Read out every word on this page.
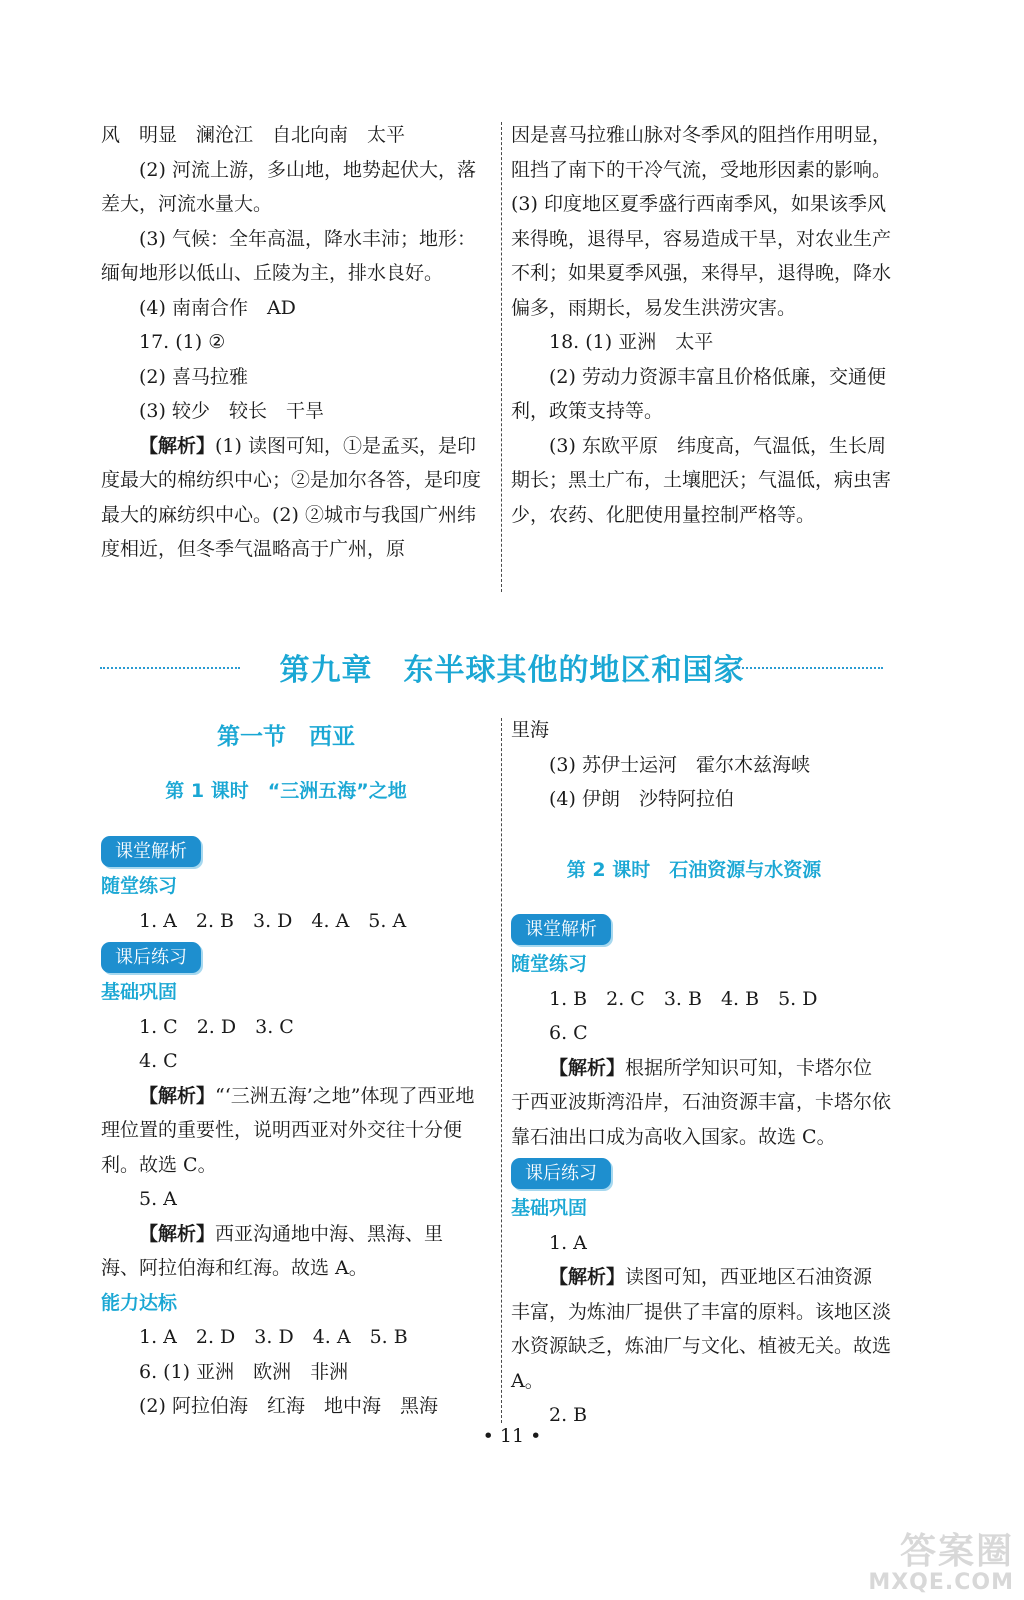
风　明显　澜沧江　自北向南　太平

(2) 河流上游，多山地，地势起伏大，落差大，河流水量大。

(3) 气候：全年高温，降水丰沛；地形：缅甸地形以低山、丘陵为主，排水良好。

(4) 南南合作　AD

17. (1) ②

(2) 喜马拉雅

(3) 较少　较长　干旱

【解析】(1) 读图可知，①是孟买，是印度最大的棉纺织中心；②是加尔各答，是印度最大的麻纺织中心。(2) ②城市与我国广州纬度相近，但冬季气温略高于广州，原

因是喜马拉雅山脉对冬季风的阻挡作用明显，阻挡了南下的干冷气流，受地形因素的影响。(3) 印度地区夏季盛行西南季风，如果该季风来得晚，退得早，容易造成干旱，对农业生产不利；如果夏季风强，来得早，退得晚，降水偏多，雨期长，易发生洪涝灾害。

18. (1) 亚洲　太平

(2) 劳动力资源丰富且价格低廉，交通便利，政策支持等。

(3) 东欧平原　纬度高，气温低，生长周期长；黑土广布，土壤肥沃；气温低，病虫害少，农药、化肥使用量控制严格等。

第九章　东半球其他的地区和国家
第一节　西亚
第 1 课时　“三洲五海”之地
课堂解析
随堂练习

1. A　2. B　3. D　4. A　5. A

课后练习
基础巩固

1. C　2. D　3. C

4. C

【解析】“‘三洲五海’之地”体现了西亚地理位置的重要性，说明西亚对外交往十分便利。故选 C。

5. A

【解析】西亚沟通地中海、黑海、里海、阿拉伯海和红海。故选 A。

能力达标

1. A　2. D　3. D　4. A　5. B

6. (1) 亚洲　欧洲　非洲

(2) 阿拉伯海　红海　地中海　黑海

里海

(3) 苏伊士运河　霍尔木兹海峡

(4) 伊朗　沙特阿拉伯

第 2 课时　石油资源与水资源
课堂解析
随堂练习

1. B　2. C　3. B　4. B　5. D

6. C

【解析】根据所学知识可知，卡塔尔位于西亚波斯湾沿岸，石油资源丰富，卡塔尔依靠石油出口成为高收入国家。故选 C。

课后练习
基础巩固

1. A

【解析】读图可知，西亚地区石油资源丰富，为炼油厂提供了丰富的原料。该地区淡水资源缺乏，炼油厂与文化、植被无关。故选 A。

2. B

• 11 •
答案圈
MXQE.COM
